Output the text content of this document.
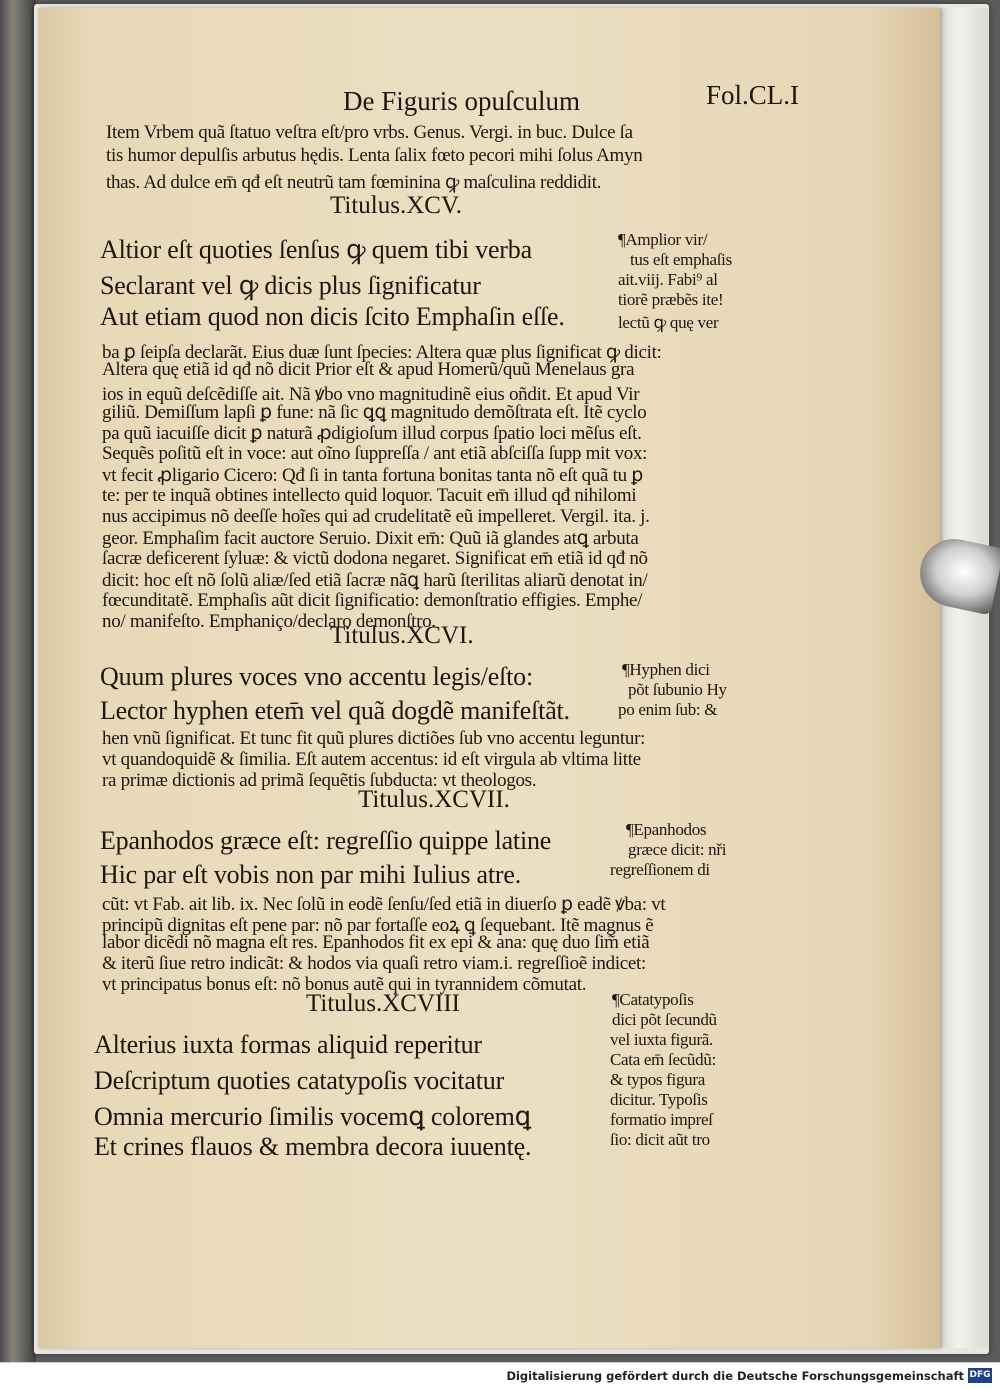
De Figuris opuſculum	Fol.CL.I
Item Vrbem quã ſtatuo veſtra eſt/pro vrbs. Genus. Vergi. in buc. Dulce ſa
tis humor depulſis arbutus hędis. Lenta ſalix fœto pecori mihi ſolus Amyn
thas. Ad dulce em̄ qđ eſt neutrũ tam fœminina ꝙ maſculina reddidit.
Titulus.XCV.
Altior eſt quoties ſenſus ꝙ quem tibi verba
Seclarant vel ꝙ dicis plus ſignificatur
Aut etiam quod non dicis ſcito Emphaſin eſſe.
¶Amplior vir/
tus eſt emphaſis
ait.viij. Fabi⁹ al
tiorẽ præbẽs ite!
lectũ ꝙ quę ver
ba ꝑ ſeipſa declarãt. Eius duæ ſunt ſpecies: Altera quæ plus ſignificat ꝙ dicit:
Altera quę etiã id qđ nõ dicit Prior eſt & apud Homerũ/quũ Menelaus gra
ios in equũ deſcẽdiſſe ait. Nã ꝟbo vno magnitudinẽ eius oñdit. Et apud Vir
giliũ. Demiſſum lapſi ꝑ fune: nã ſic ꝗꝗ magnitudo demõſtrata eſt. Itẽ cyclo
pa quũ iacuiſſe dicit ꝑ naturã ꝓdigioſum illud corpus ſpatio loci mẽſus eſt.
Sequẽs poſitũ eſt in voce: aut oĩno ſuppreſſa / ant etiã abſciſſa ſupp mit vox:
vt fecit ꝓligario Cicero: Qđ ſi in tanta fortuna bonitas tanta nõ eſt quã tu ꝑ
te: per te inquã obtines intellecto quid loquor. Tacuit em̄ illud qđ nihilomi
nus accipimus nõ deeſſe hoĩes qui ad crudelitatẽ eũ impelleret. Vergil. ita. j.
geor. Emphaſim facit auctore Seruio. Dixit em̄: Quũ iã glandes atꝗ arbuta
ſacræ deficerent ſyluæ: & victũ dodona negaret. Significat em̄ etiã id qđ nõ
dicit: hoc eſt nõ ſolũ aliæ/ſed etiã ſacræ nãꝗ harũ ſterilitas aliarũ denotat in/
fœcunditatẽ. Emphaſis aũt dicit ſignificatio: demonſtratio effigies. Emphe/
no/ manifeſto. Emphaniço/declaro demonſtro.
Titulus.XCVI.
Quum plures voces vno accentu legis/eſto:
Lector hyphen etem̄ vel quã dogdẽ manifeſtãt.
¶Hyphen dici
põt ſubunio Hy
po enim ſub: &
hen vnũ ſignificat. Et tunc fit quũ plures dictiões ſub vno accentu leguntur:
vt quandoquidẽ & ſimilia. Eſt autem accentus: id eſt virgula ab vltima litte
ra primæ dictionis ad primã ſequẽtis ſubducta: vt theologos.
Titulus.XCVII.
Epanhodos græce eſt: regreſſio quippe latine
Hic par eſt vobis non par mihi Iulius atre.
¶Epanhodos
græce dicit: nři
regreſſionem di
cũt: vt Fab. ait lib. ix. Nec ſolũ in eodẽ ſenſu/ſed etiã in diuerſo ꝑ eadẽ ꝟba: vt
principũ dignitas eſt pene par: nõ par fortaſſe eoꝝ ꝗ ſequebant. Itẽ magnus ẽ
labor dicẽdi nõ magna eſt res. Epanhodos fit ex epi & ana: quę duo ſim̃ etiã
& iterũ ſiue retro indicãt: & hodos via quaſi retro viam.i. regreſſioẽ indicet:
vt principatus bonus eſt: nõ bonus autẽ qui in tyrannidem cõmutat.
Titulus.XCVIII
Alterius iuxta formas aliquid reperitur
Deſcriptum quoties catatypoſis vocitatur
Omnia mercurio ſimilis vocemꝗ coloremꝗ
Et crines flauos & membra decora iuuentę.
¶Catatypoſis
dici põt ſecundũ
vel iuxta figurã.
Cata em̄ ſecũdũ:
& typos figura
dicitur. Typoſis
formatio impreſ
ſio: dicit aũt tro
Digitalisierung gefördert durch die Deutsche Forschungsgemeinschaft DFG
